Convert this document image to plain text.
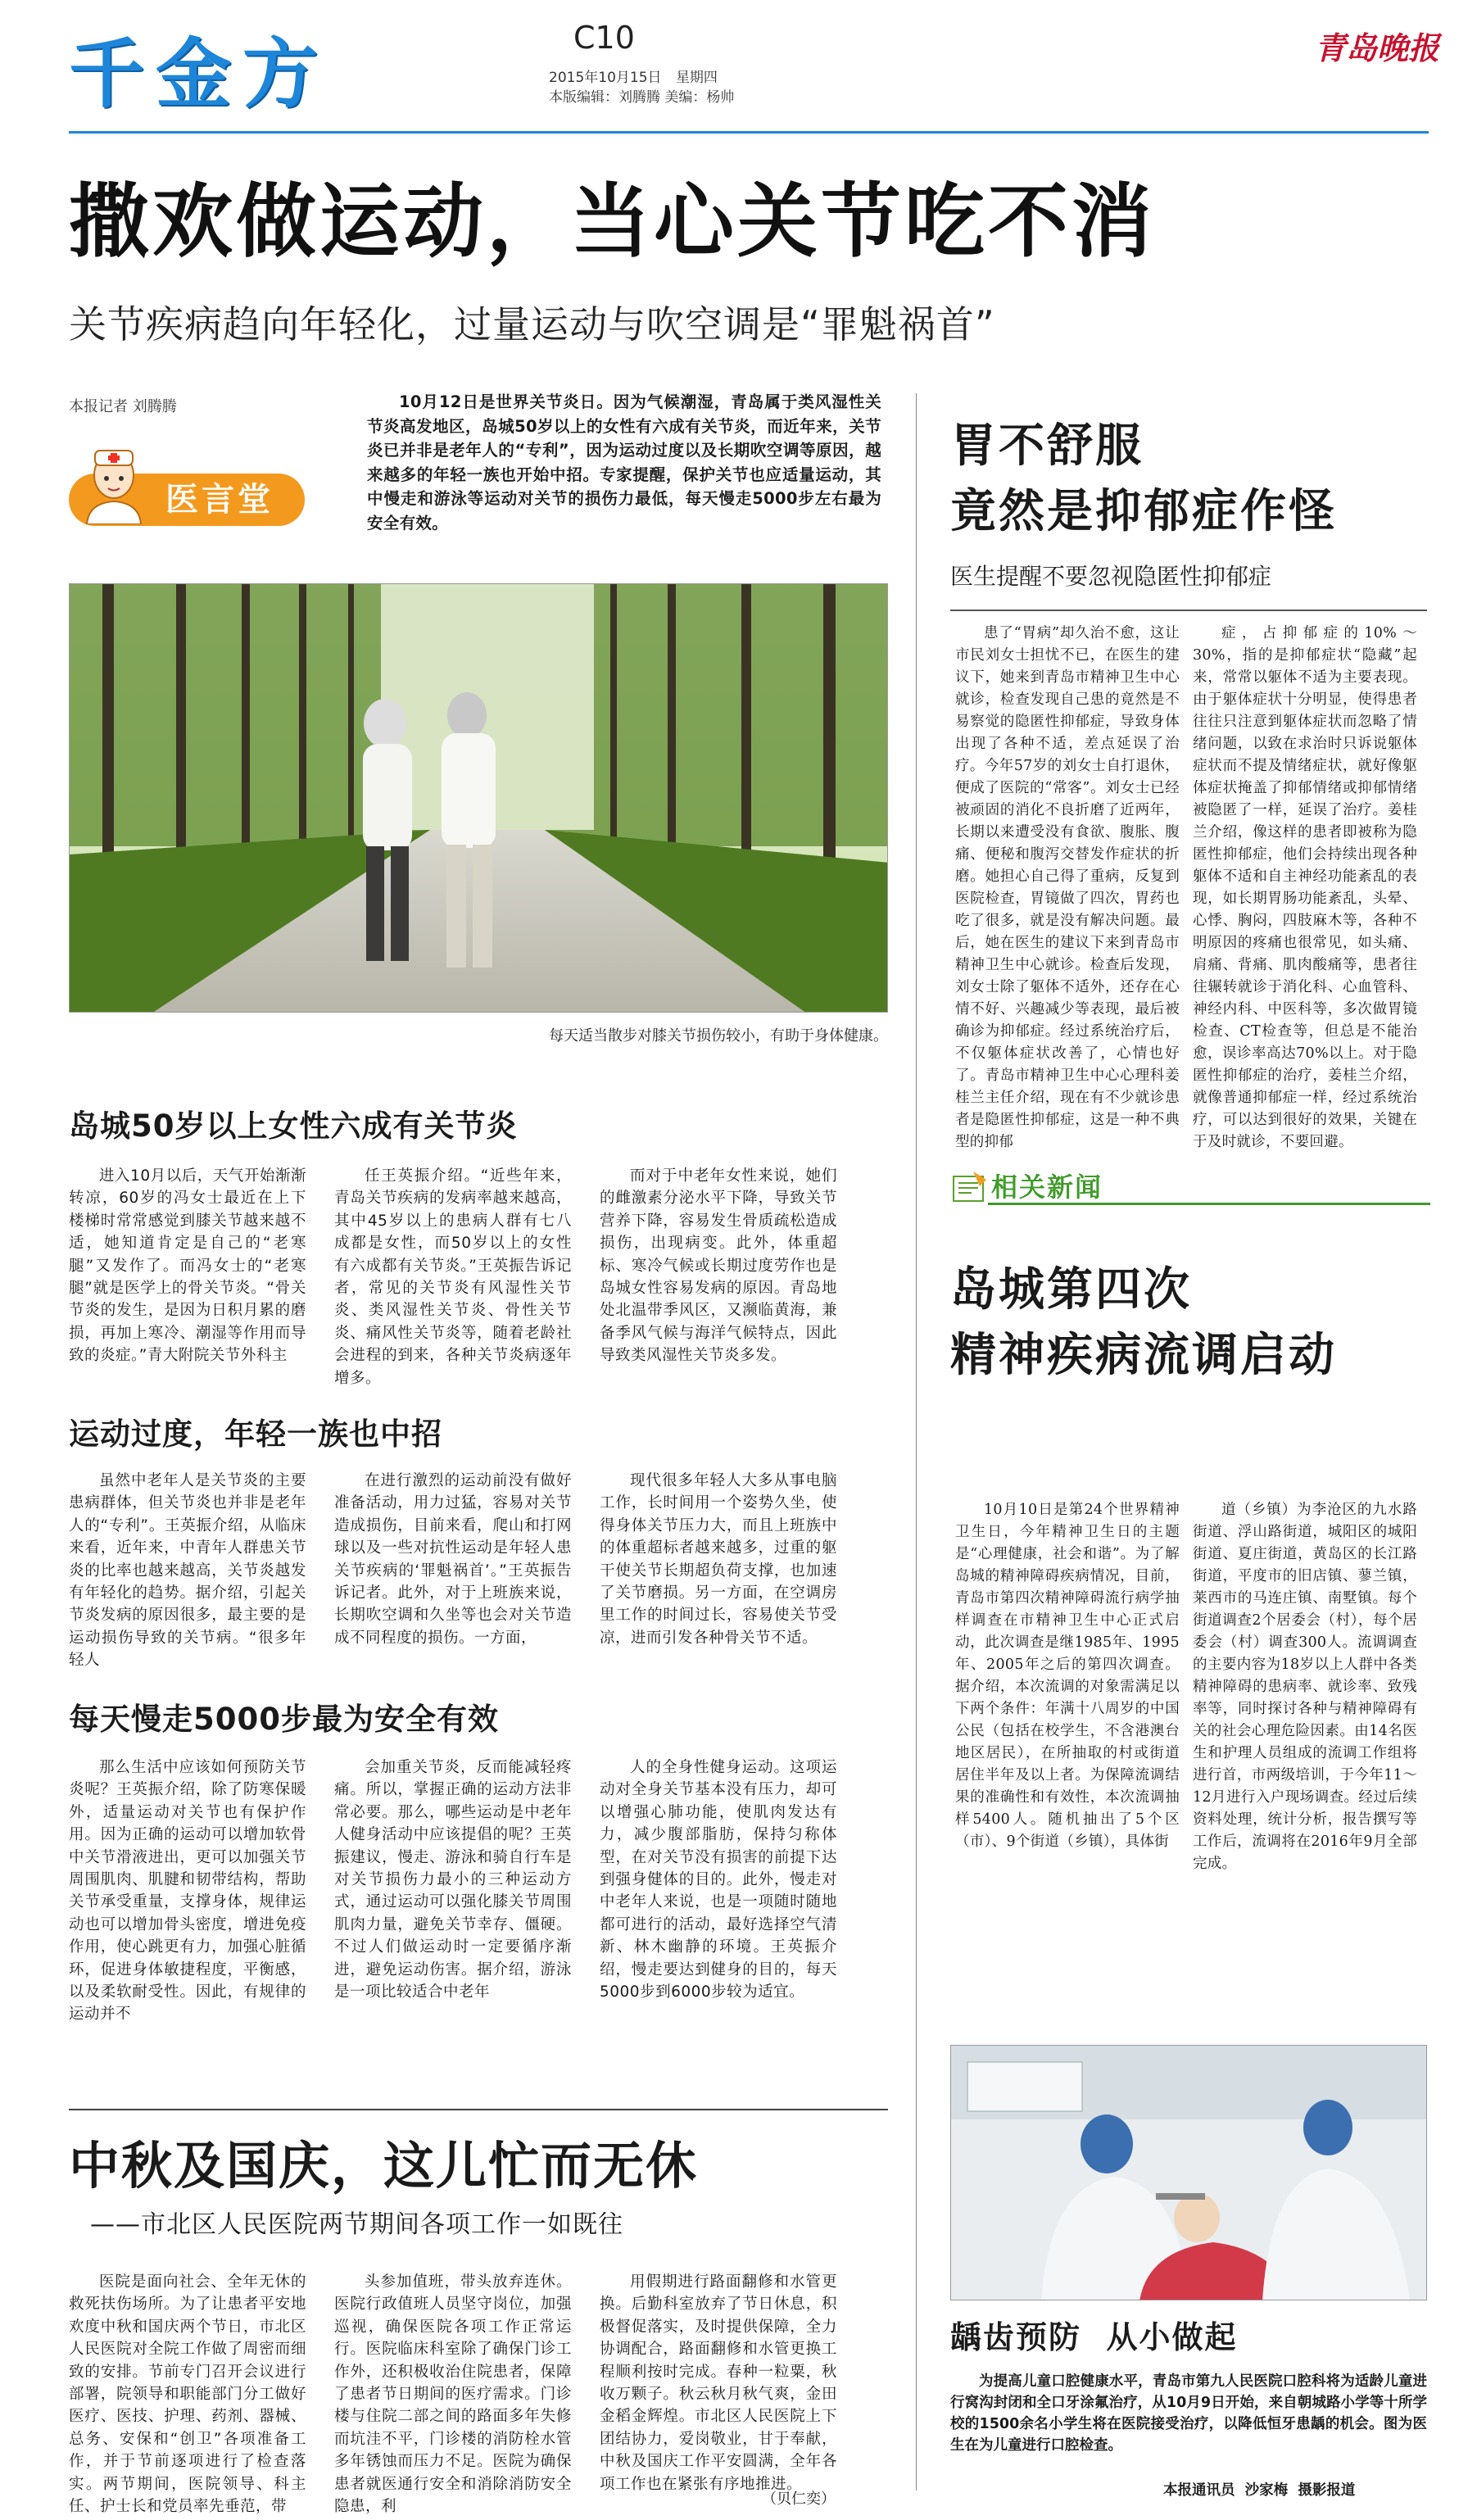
千金方	C10
2015年10月15日 星期四
本版编辑：刘腾腾 美编：杨帅
青岛晚报
撒欢做运动，当心关节吃不消
关节疾病趋向年轻化，过量运动与吹空调是“罪魁祸首”
本报记者 刘腾腾
医言堂
10月12日是世界关节炎日。因为气候潮湿，青岛属于类风湿性关节炎高发地区，岛城50岁以上的女性有六成有关节炎，而近年来，关节炎已并非是老年人的“专利”，因为运动过度以及长期吹空调等原因，越来越多的年轻一族也开始中招。专家提醒，保护关节也应适量运动，其中慢走和游泳等运动对关节的损伤力最低，每天慢走5000步左右最为安全有效。
每天适当散步对膝关节损伤较小，有助于身体健康。
岛城50岁以上女性六成有关节炎
进入10月以后，天气开始渐渐转凉，60岁的冯女士最近在上下楼梯时常常感觉到膝关节越来越不适，她知道肯定是自己的“老寒腿”又发作了。而冯女士的“老寒腿”就是医学上的骨关节炎。“骨关节炎的发生，是因为日积月累的磨损，再加上寒冷、潮湿等作用而导致的炎症。”青大附院关节外科主
任王英振介绍。“近些年来，青岛关节疾病的发病率越来越高，其中45岁以上的患病人群有七八成都是女性，而50岁以上的女性有六成都有关节炎。”王英振告诉记者，常见的关节炎有风湿性关节炎、类风湿性关节炎、骨性关节炎、痛风性关节炎等，随着老龄社会进程的到来，各种关节炎病逐年增多。
而对于中老年女性来说，她们的雌激素分泌水平下降，导致关节营养下降，容易发生骨质疏松造成损伤，出现病变。此外，体重超标、寒冷气候或长期过度劳作也是岛城女性容易发病的原因。青岛地处北温带季风区，又濒临黄海，兼备季风气候与海洋气候特点，因此导致类风湿性关节炎多发。
运动过度，年轻一族也中招
虽然中老年人是关节炎的主要患病群体，但关节炎也并非是老年人的“专利”。王英振介绍，从临床来看，近年来，中青年人群患关节炎的比率也越来越高，关节炎越发有年轻化的趋势。据介绍，引起关节炎发病的原因很多，最主要的是运动损伤导致的关节病。“很多年轻人
在进行激烈的运动前没有做好准备活动，用力过猛，容易对关节造成损伤，目前来看，爬山和打网球以及一些对抗性运动是年轻人患关节疾病的‘罪魁祸首’。”王英振告诉记者。此外，对于上班族来说，长期吹空调和久坐等也会对关节造成不同程度的损伤。一方面，
现代很多年轻人大多从事电脑工作，长时间用一个姿势久坐，使得身体关节压力大，而且上班族中的体重超标者越来越多，过重的躯干使关节长期超负荷支撑，也加速了关节磨损。另一方面，在空调房里工作的时间过长，容易使关节受凉，进而引发各种骨关节不适。
每天慢走5000步最为安全有效
那么生活中应该如何预防关节炎呢？王英振介绍，除了防寒保暖外，适量运动对关节也有保护作用。因为正确的运动可以增加软骨中关节滑液进出，更可以加强关节周围肌肉、肌腱和韧带结构，帮助关节承受重量，支撑身体，规律运动也可以增加骨头密度，增进免疫作用，使心跳更有力，加强心脏循环，促进身体敏捷程度，平衡感，以及柔软耐受性。因此，有规律的运动并不
会加重关节炎，反而能减轻疼痛。所以，掌握正确的运动方法非常必要。那么，哪些运动是中老年人健身活动中应该提倡的呢？王英振建议，慢走、游泳和骑自行车是对关节损伤力最小的三种运动方式，通过运动可以强化膝关节周围肌肉力量，避免关节幸存、僵硬。不过人们做运动时一定要循序渐进，避免运动伤害。据介绍，游泳是一项比较适合中老年
人的全身性健身运动。这项运动对全身关节基本没有压力，却可以增强心肺功能，使肌肉发达有力，减少腹部脂肪，保持匀称体型，在对关节没有损害的前提下达到强身健体的目的。此外，慢走对中老年人来说，也是一项随时随地都可进行的活动，最好选择空气清新、林木幽静的环境。王英振介绍，慢走要达到健身的目的，每天5000步到6000步较为适宜。
中秋及国庆，这儿忙而无休
——市北区人民医院两节期间各项工作一如既往
医院是面向社会、全年无休的救死扶伤场所。为了让患者平安地欢度中秋和国庆两个节日，市北区人民医院对全院工作做了周密而细致的安排。节前专门召开会议进行部署，院领导和职能部门分工做好医疗、医技、护理、药剂、器械、总务、安保和“创卫”各项准备工作，并于节前逐项进行了检查落实。两节期间，医院领导、科主任、护士长和党员率先垂范，带
头参加值班，带头放弃连休。医院行政值班人员坚守岗位，加强巡视，确保医院各项工作正常运行。医院临床科室除了确保门诊工作外，还积极收治住院患者，保障了患者节日期间的医疗需求。门诊楼与住院二部之间的路面多年失修而坑洼不平，门诊楼的消防栓水管多年锈蚀而压力不足。医院为确保患者就医通行安全和消除消防安全隐患，利
用假期进行路面翻修和水管更换。后勤科室放弃了节日休息，积极督促落实，及时提供保障，全力协调配合，路面翻修和水管更换工程顺利按时完成。春种一粒粟，秋收万颗子。秋云秋月秋气爽，金田金稻金辉煌。市北区人民医院上下团结协力，爱岗敬业，甘于奉献，中秋及国庆工作平安圆满，全年各项工作也在紧张有序地推进。
（贝仁奕）
胃不舒服
竟然是抑郁症作怪
医生提醒不要忽视隐匿性抑郁症
患了“胃病”却久治不愈，这让市民刘女士担忧不已，在医生的建议下，她来到青岛市精神卫生中心就诊，检查发现自己患的竟然是不易察觉的隐匿性抑郁症，导致身体出现了各种不适，差点延误了治疗。今年57岁的刘女士自打退休，便成了医院的“常客”。刘女士已经被顽固的消化不良折磨了近两年，长期以来遭受没有食欲、腹胀、腹痛、便秘和腹泻交替发作症状的折磨。她担心自己得了重病，反复到医院检查，胃镜做了四次，胃药也吃了很多，就是没有解决问题。最后，她在医生的建议下来到青岛市精神卫生中心就诊。检查后发现，刘女士除了躯体不适外，还存在心情不好、兴趣减少等表现，最后被确诊为抑郁症。经过系统治疗后，不仅躯体症状改善了，心情也好了。青岛市精神卫生中心心理科姜桂兰主任介绍，现在有不少就诊患者是隐匿性抑郁症，这是一种不典型的抑郁
症，占抑郁症的10%～30%，指的是抑郁症状“隐藏”起来，常常以躯体不适为主要表现。由于躯体症状十分明显，使得患者往往只注意到躯体症状而忽略了情绪问题，以致在求治时只诉说躯体症状而不提及情绪症状，就好像躯体症状掩盖了抑郁情绪或抑郁情绪被隐匿了一样，延误了治疗。姜桂兰介绍，像这样的患者即被称为隐匿性抑郁症，他们会持续出现各种躯体不适和自主神经功能紊乱的表现，如长期胃肠功能紊乱，头晕、心悸、胸闷，四肢麻木等，各种不明原因的疼痛也很常见，如头痛、肩痛、背痛、肌肉酸痛等，患者往往辗转就诊于消化科、心血管科、神经内科、中医科等，多次做胃镜检查、CT检查等，但总是不能治愈，误诊率高达70%以上。对于隐匿性抑郁症的治疗，姜桂兰介绍，就像普通抑郁症一样，经过系统治疗，可以达到很好的效果，关键在于及时就诊，不要回避。
相关新闻
岛城第四次
精神疾病流调启动
10月10日是第24个世界精神卫生日，今年精神卫生日的主题是“心理健康，社会和谐”。为了解岛城的精神障碍疾病情况，目前，青岛市第四次精神障碍流行病学抽样调查在市精神卫生中心正式启动，此次调查是继1985年、1995年、2005年之后的第四次调查。据介绍，本次流调的对象需满足以下两个条件：年满十八周岁的中国公民（包括在校学生，不含港澳台地区居民），在所抽取的村或街道居住半年及以上者。为保障流调结果的准确性和有效性，本次流调抽样5400人。随机抽出了5个区（市）、9个街道（乡镇），具体街
道（乡镇）为李沧区的九水路街道、浮山路街道，城阳区的城阳街道、夏庄街道，黄岛区的长江路街道，平度市的旧店镇、蓼兰镇，莱西市的马连庄镇、南墅镇。每个街道调查2个居委会（村），每个居委会（村）调查300人。流调调查的主要内容为18岁以上人群中各类精神障碍的患病率、就诊率、致残率等，同时探讨各种与精神障碍有关的社会心理危险因素。由14名医生和护理人员组成的流调工作组将进行首，市两级培训，于今年11～12月进行入户现场调查。经过后续资料处理，统计分析，报告撰写等工作后，流调将在2016年9月全部完成。
龋齿预防  从小做起
为提高儿童口腔健康水平，青岛市第九人民医院口腔科将为适龄儿童进行窝沟封闭和全口牙涂氟治疗，从10月9日开始，来自朝城路小学等十所学校的1500余名小学生将在医院接受治疗，以降低恒牙患龋的机会。图为医生在为儿童进行口腔检查。
本报通讯员  沙家梅  摄影报道
